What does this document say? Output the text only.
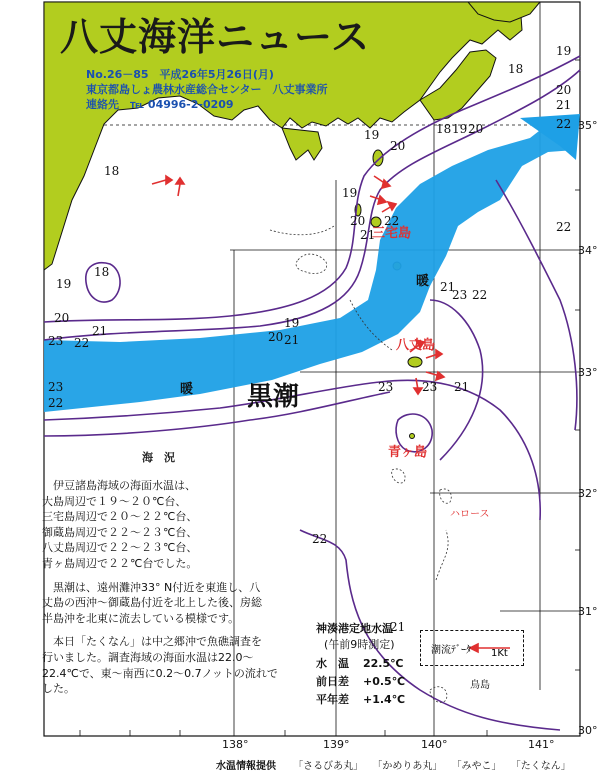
八丈海洋ニュース
No.26－85　平成26年5月26日(月)
東京都島しょ農林水産総合センター　八丈事業所
連絡先　℡ 04996-2-0209
19
18
18
20
21
22
22
18
19
20
18 19 20
19
20
21
22
21
23
23
22
20
21
19
23
22
22
23 23 21
22
21
20
19
21
黒潮
暖
暖
三宅島
八丈島
青ヶ島
ハロース
鳥島
138°	139°	140°	141°
35°
34°
33°
32°
31°
30°
海　況

伊豆諸島海域の海面水温は、
大島周辺で１９～２０℃台、
三宅島周辺で２０～２２℃台、
御蔵島周辺で２２～２３℃台、
八丈島周辺で２２～２３℃台、
青ヶ島周辺で２２℃台でした。

黒潮は、遠州灘沖33° N付近を東進し、八
丈島の西沖～御蔵島付近を北上した後、房総
半島沖を北東に流去している模様です。

本日「たくなん」は中之郷沖で魚礁調査を
行いました。調査海域の海面水温は22.0～
22.4℃で、東～南西に0.2～0.7ノットの流れで
した。

神湊港定地水温
(午前9時測定)
水　温	22.5℃
前日差	+0.5℃
平年差	+1.4℃
潮流ﾃﾞｰﾀ 1Kt
水温情報提供 「さるびあ丸」 「かめりあ丸」 「みやこ」 「たくなん」
